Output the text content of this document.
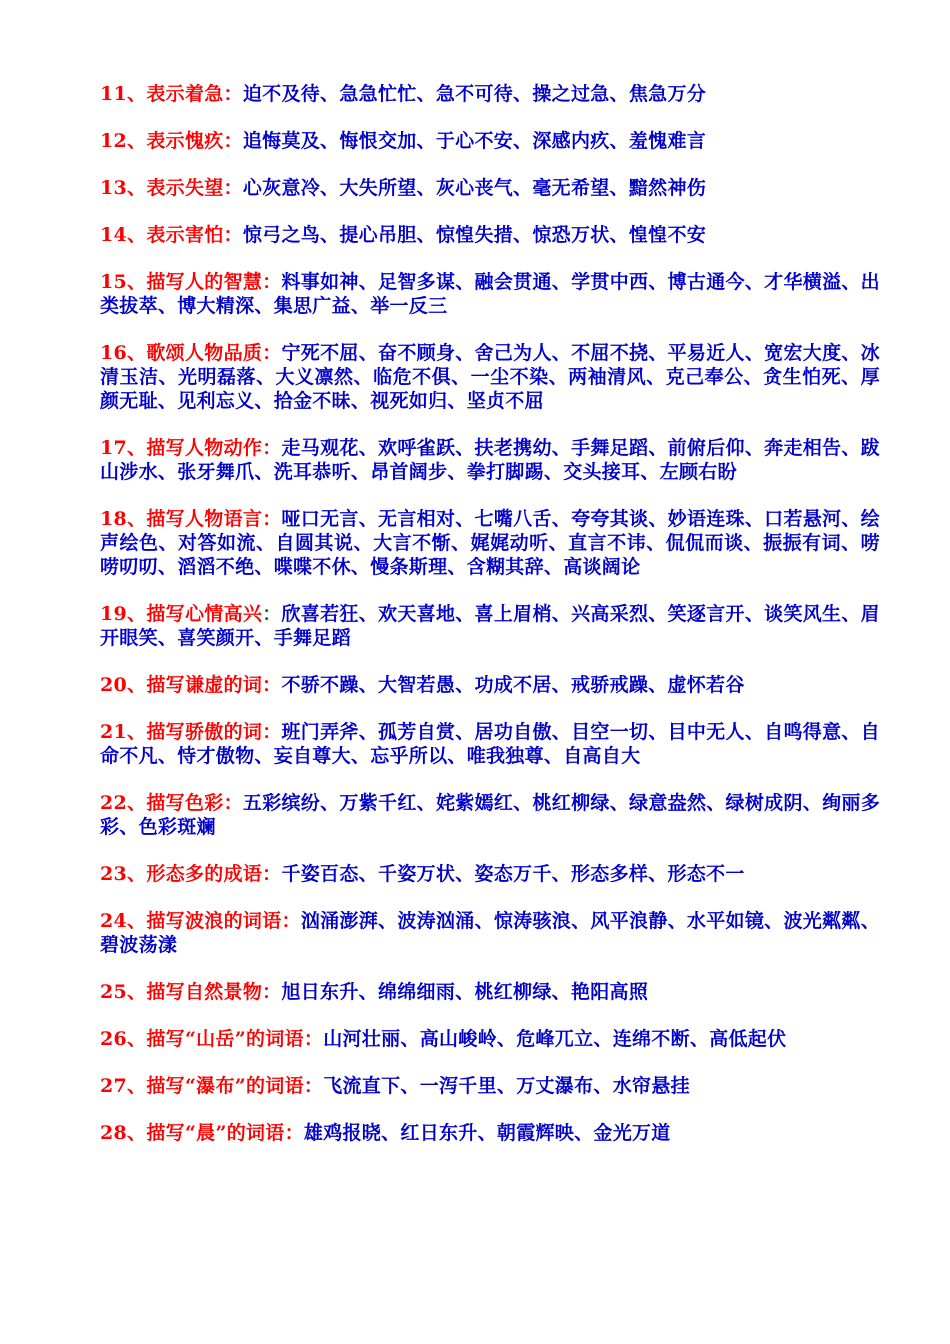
11、表示着急：迫不及待、急急忙忙、急不可待、操之过急、焦急万分

12、表示愧疚：追悔莫及、悔恨交加、于心不安、深感内疚、羞愧难言

13、表示失望：心灰意冷、大失所望、灰心丧气、毫无希望、黯然神伤

14、表示害怕：惊弓之鸟、提心吊胆、惊惶失措、惊恐万状、惶惶不安

15、描写人的智慧：料事如神、足智多谋、融会贯通、学贯中西、博古通今、才华横溢、出类拔萃、博大精深、集思广益、举一反三

16、歌颂人物品质：宁死不屈、奋不顾身、舍己为人、不屈不挠、平易近人、宽宏大度、冰清玉洁、光明磊落、大义凛然、临危不俱、一尘不染、两袖清风、克己奉公、贪生怕死、厚颜无耻、见利忘义、拾金不昧、视死如归、坚贞不屈

17、描写人物动作：走马观花、欢呼雀跃、扶老携幼、手舞足蹈、前俯后仰、奔走相告、跋山涉水、张牙舞爪、洗耳恭听、昂首阔步、拳打脚踢、交头接耳、左顾右盼

18、描写人物语言：哑口无言、无言相对、七嘴八舌、夸夸其谈、妙语连珠、口若悬河、绘声绘色、对答如流、自圆其说、大言不惭、娓娓动听、直言不讳、侃侃而谈、振振有词、唠唠叨叨、滔滔不绝、喋喋不休、慢条斯理、含糊其辞、高谈阔论

19、描写心情高兴：欣喜若狂、欢天喜地、喜上眉梢、兴高采烈、笑逐言开、谈笑风生、眉开眼笑、喜笑颜开、手舞足蹈

20、描写谦虚的词：不骄不躁、大智若愚、功成不居、戒骄戒躁、虚怀若谷

21、描写骄傲的词：班门弄斧、孤芳自赏、居功自傲、目空一切、目中无人、自鸣得意、自命不凡、恃才傲物、妄自尊大、忘乎所以、唯我独尊、自高自大

22、描写色彩：五彩缤纷、万紫千红、姹紫嫣红、桃红柳绿、绿意盎然、绿树成阴、绚丽多彩、色彩斑斓

23、形态多的成语：千姿百态、千姿万状、姿态万千、形态多样、形态不一

24、描写波浪的词语：汹涌澎湃、波涛汹涌、惊涛骇浪、风平浪静、水平如镜、波光粼粼、碧波荡漾

25、描写自然景物：旭日东升、绵绵细雨、桃红柳绿、艳阳高照

26、描写“山岳”的词语：山河壮丽、高山峻岭、危峰兀立、连绵不断、高低起伏

27、描写“瀑布”的词语：飞流直下、一泻千里、万丈瀑布、水帘悬挂

28、描写“晨”的词语：雄鸡报晓、红日东升、朝霞辉映、金光万道
